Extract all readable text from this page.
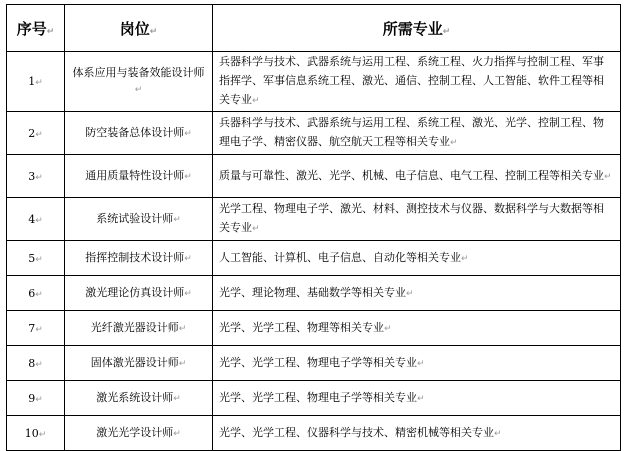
序号↵	岗位↵	所需专业↵
1↵	体系应用与装备效能设计师↵	兵器科学与技术、武器系统与运用工程、系统工程、火力指挥与控制工程、军事指挥学、军事信息系统工程、激光、通信、控制工程、人工智能、软件工程等相关专业↵
2↵	防空装备总体设计师↵	兵器科学与技术、武器系统与运用工程、系统工程、激光、光学、控制工程、物理电子学、精密仪器、航空航天工程等相关专业↵
3↵	通用质量特性设计师↵	质量与可靠性、激光、光学、机械、电子信息、电气工程、控制工程等相关专业↵
4↵	系统试验设计师↵	光学工程、物理电子学、激光、材料、测控技术与仪器、数据科学与大数据等相关专业↵
5↵	指挥控制技术设计师↵	人工智能、计算机、电子信息、自动化等相关专业↵
6↵	激光理论仿真设计师↵	光学、理论物理、基础数学等相关专业↵
7↵	光纤激光器设计师↵	光学、光学工程、物理等相关专业↵
8↵	固体激光器设计师↵	光学、光学工程、物理电子学等相关专业↵
9↵	激光系统设计师↵	光学、光学工程、物理电子学等相关专业↵
10↵	激光光学设计师↵	光学、光学工程、仪器科学与技术、精密机械等相关专业↵
